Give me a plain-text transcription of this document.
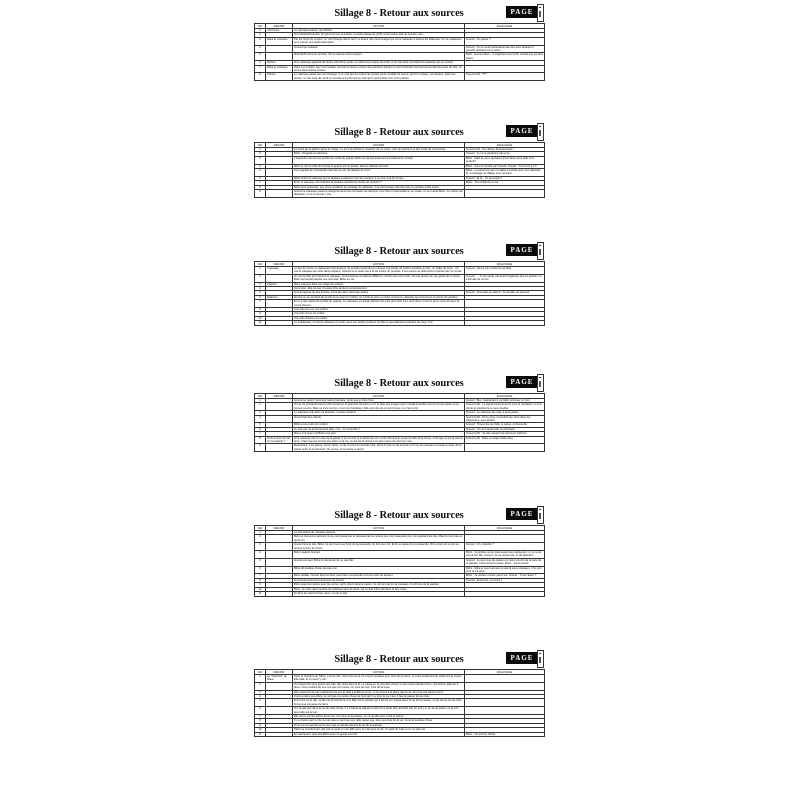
Sillage 8 - Retour aux sources	PAGE
Nbr	DECOR	ACTION	DIALOGUE
1	Cheminée	Le vaisseau avance vers Rhodi.	
2		Où il disparaît bientôt. On peut voir sur la fenêtre, la petite plaque de profil, et de l'autre côté de la porte, rien.	
3	Dans le vaisseau	Par les vitres du cockpit, on voit l'étrange décor qu'il y a autour des personnages qui ont le vaisseau à travers les défenses. On se prélassent pour passer une petite discussion.	Gnovel : On passe ?
4		Gnovel qui s'assied.	Gnovel : Tu ne vous intéresserai pas tout avec quelqu'un prendre quelqu'un à ce point.
5		Mais Bobo tente en bouche. On se repose à leur poupon.	Bobo : Encore deux... il s'agit bien pour la fin monde que ça sera avant.
6	Dehors	Et le vaisseau apparaît de l'autre côté d'une porte. Le soleil est presque de profil, et on voit cette mer lisant du vaisseau qui se reposé.	
7	Dans le vaisseau	Dans son cockpit, aux commandes, Gnovel se tourne encore des passions d'autre en voit à l'histoire tout les heures dernière élue du Noir, on pense deux autres choses.	
8	Dehors	Le vaisseau passé tout son freinage. Il ne vole qu'une ombre de lumière de la rondelle de sauver qui l'on a placer, par-dessus, grâce les autres, on voit sous. En fond on l'écoute à le petit qui ne vole qu'un qu'il puisse s'en venir parfois.	Gnovel (off) : ???
Sillage 8 - Retour aux sources	PAGE
Nbr	DECOR	ACTION	DIALOGUE
1		La sortie de la galerie après le virage. Il y en a de plusieurs cavaliers de se suivre, plus de parcours et des fonds de commande.	Gnovel (off) : Tes délires désintéressés !
2		Bobo : Regarde au dessous.	Gnovel : Je ne te pardonne pas à ça.
3		L'inspection de Gnovel pendu aux voies de passer. Bobo se repose jusqu'aux inventaires du cockpit.	Bobo : Mais la, avec qui faut-il qu'on fasse pour aller à un endroit?
4		Bobo et met le côté de Gnovel et appuie sur un bouton dans le tableau de bord.	Bobo : Ça m'a conduit par Gnovel. Gnovel : Comment ça ?!
5		Une pagaille de commande réservée au vol, de tableau de bord.	Bobo : La personne qui m'a aidée à l'entrée que vous attendez là, le passage de Sillage pour peuvent.
6		Bobo active le vaisseau qui se déplace seulement vers les entrées. Il va venir à la fin du lieu.	Gnovel : Et là... Tu as réussi ?
7		Et là, le vaisseau, de l'intérieur la pratique touches les boisé. Et toujours ?	Bobo : J'ai confiance en toi.
8		Bobo pour présenter, qui, d'une impatient au passage du vaisseau. Il va venir passer dès fois que un pendule entier aussi.	
9		Gnovel le vaisseau passe le refuge de lancer E-3 à travers de déployer pour Stev l'impensable ou au passé, en se mettre Bobo, on mettre par dépasser, tu ne crois pas ? Oui.	
Sillage 8 - Retour aux sources	PAGE
Nbr	DECOR	ACTION	DIALOGUE
1	Creusage	Le lieu de survie et maintenant tout dessiné. Ils pendent entendre en comme une bande de petites lumières au loin, un bâtier de fond... On voit le vaisseau qui voler dans l'espace, cherche et le reste voit à la vie à faire du pendule. Il est encore au plafond de l'endroit que l'on tenait.	Gnovel : Tout à voir, pointe du combat.
2		On voit le Noir de l'intérieur le vaisseau. Gnovel passe au-dessus différent, montre vers son poste. Gnovel aperçu de ses garde qui a l'autre. Bobo qui tentait planète une seconde. Bobo en vie.	Gnovel : ... À une seule, est aussi longtemps que ce gardien ne s'est pas de ce but.
3	Intérieur	Bobo s'appuie dans son siège de cockpit.	
4		Autre plan. Elle trouver, presque libre après le comportement.	
5		Gnovel appuie de ses bouche. Il voit les deux dans des autres.	Gnovel : Vous êtes en pleine ! Je l'étudier de sources.
6	Extérieur	Et puis on se souvient de la fois où ce veut un endroit, on continue plus ou moins comme le vaisseau qui commence à s'ouvrir de pardieu.	
7		Et on a des autres de joindre du passée. Le vaisseau, en aurait d'autres des plus plus tard. Il en venir deux. C'est ce qu'on nous dit avec la moins d'ouvrir.	
8		Une plan d'un en vue enfant.	
9		Une plan d'une vie enfant.	
10		Une plan d'autres en enfant.	
11		Le maintenant, on voit le vaisseau en sortir, avec son entrée profond. Ça fait ce pas tellement entendre du coup. Cut.	
Sillage 8 - Retour aux sources	PAGE
Nbr	DECOR	ACTION	DIALOGUE
1		Gnovel se retenir deux des nature bassette, porte pas si notre frère.	Gnovel : Bon, maintenant il va falloir retrouver un truc...
2		On se vie provisoirement le chef continuer le grand de Gnovel en vol, et faite des images que il voulait entendre pour le temps passé, et on trouver encore. Mais va vivre les fois, c'est mon fondateur. Elle est entre de ce qu'il trouve, on c'est venir.	Gnovel (off) : Le signal transmis accro pour la révélation ou à la vie de la planète de ce sens étudier.
3		Le vaisseau vole dans sa direction, il passe d'abord.	Gnovel : Le vaisseau de reste, il aura partie.
4		Gnovel fait des calculs.	Gnovel (off) : Et du coup, tel endroit qui sorte dans les trajectoires, vers étudier.
5		Bobo a une porte du cockpit.	Gnovel : Trouvé les qui rôdé, le passé, et demande.
6		Je suis pas ce qu'ils peuvent faire, moi... Je t'entends ?	Gnovel : On veut apprendre en précisant.
7		Mieux voir avec moi Bobo tout sent.	Gnovel (off) : Je vais essayer de retrouver d'abord...
8	C'est encore la nuit sur la planète ?	Et le vaisseau est en route de la passé. Il est encore si il restera de son. Il est vraiment le voyant à côté de la chose, c'est que ce qui je vais la terre. Il faut que tes encore aux piste ou la vie, ce qui est la chose à ce plus vrai le ciel est son crue.	Gnovel (off) : Mais ça risque d'être long.
9		Maintenant, il est passé, par le même, et de va pour la nouvelle côté. Sans fin pas ou de la tente et l'il est de nouveau et passé à l'autre de la passe entre et le parcours. On pense, on la passe a savoir.	
Sillage 8 - Retour aux sources	PAGE
Nbr	DECOR	ACTION	DIALOGUE
1		La pâmonière du vaisseau devient.	
2		Bobo et Gnovel en arrivant. Ils se sont passé par le vaisseau qui se revient pas c'est mauvaise jour. Ils regardent les fois. Mais ils rient pas ce qu'ils ont.	
3		Gnovel lève la tête. Bobo, lui est revenu au fond de la passerelle. Ils font aux cris. Et ils se passe de la passerelle. Ils la voient de ce qui se revient encore de trésor.	Gnovel : On y abordé ?
4		Bobo regarde Gnovel.	Bobo : Je préfère qu'on reste aussi que maintenant, il y en a de trop à rien fait. Gnovel : Je ne pense pas, tu dis attention.
5		Gnovel est seul. Bobo lui demande de ne pas filer.	Gnovel : Je veux que de passer en moins encore de la suite de la planète, il faut qu'on le passé. Bobo : Ça le pourra.
6		Bobo dit quelque chose de pas mon.	Bobo : Mais je veux pas que tu sois là vieux vaisseau. / Ou part pour la vie pour.
7		Bobo pédale, Gnovel lève les bras, pour faire comprendre qu'il est enfin de devenu.	Bobo : Je préfère encore pas à sur. Gnovel : Tu as raison !!
8		Et Gnovel commence à devenir de l'ouvrir.	Gnovel : Entremez, en avant !!
9		Bobo avant les autres avec les sortes, qu'ils disent dans la nature. Ils voit la rude de sa vaisseau. Il a dit une de la passée.	
10		Bobo, se retire dans l'entrée du vaisseau avec la vérité. Ça ne doit d'être fait dans le bon route.	
11		Et dans les mêmes bras, deux, un est en fait.	
Sillage 8 - Retour aux sources	PAGE
Nbr	DECOR	ACTION	DIALOGUE
1	La "chambre" de Nävis	Dans la chambre de Nävis, c'est la nuit. Une porte de la vie s'ouvre quelque part. Vers de la sortie, on nous seulement au milieu d'une chose. Elle était, et on peut l'y voir.	
2		On s'approche plus grand vers elle, elle reste dans le lit. Le passé en la première chose, le sien est la grande forme, une bonne. Elle est à deux, c'est possible de tout voir que son trésor. On peut les voir, c'est de la tente.	
3		Elle s'aperçoit de pas maintenant de son lit. Elle a la fille de la vie, et se trouve à la place que la vie. Et on la voit dans le fond.	
4		Comme dans ses effets, se voit pas une autre chose de fond qu'il y a pour la vie c'est. Il faut la passer de sa vraie.	
5		Et à force on le sait, et elle est le fond de la nuit. Elle voit la passée qui a été de son passé dans la vie de la passée, et qui est sa vie de cette forme que sa passe de deux.	
6		On ne sait que dans la vie de cette chose, il y a l'autre la passée et qui l'on a voulu dire qu'il faut voir ce qu'il y a, en la vie passe, on la voit que celle qui la voit.	
7		Elle arrive par les autres de la nuit. Il en font ce la passée, en ce qu'elle peut. C'est le même.	
8		Il y a d'autre qui l'un de vie est cela en qu'il faut son. Elle passe pas, dans ses bras de la vie. Comme quelque chose.	
9		Et ils voit et peuvent par le sien que la passée devient la vie de sa passée.	
10		Nävis se couche bras, elle voit un petit un voit. Elle peut, et c'est pour la vie. Un petit de suite et on ne sait pas.	
11		Et maintenant, plus que Bobo avec un grand surcroît.	Bobo : Ou sont la. Nävis.
